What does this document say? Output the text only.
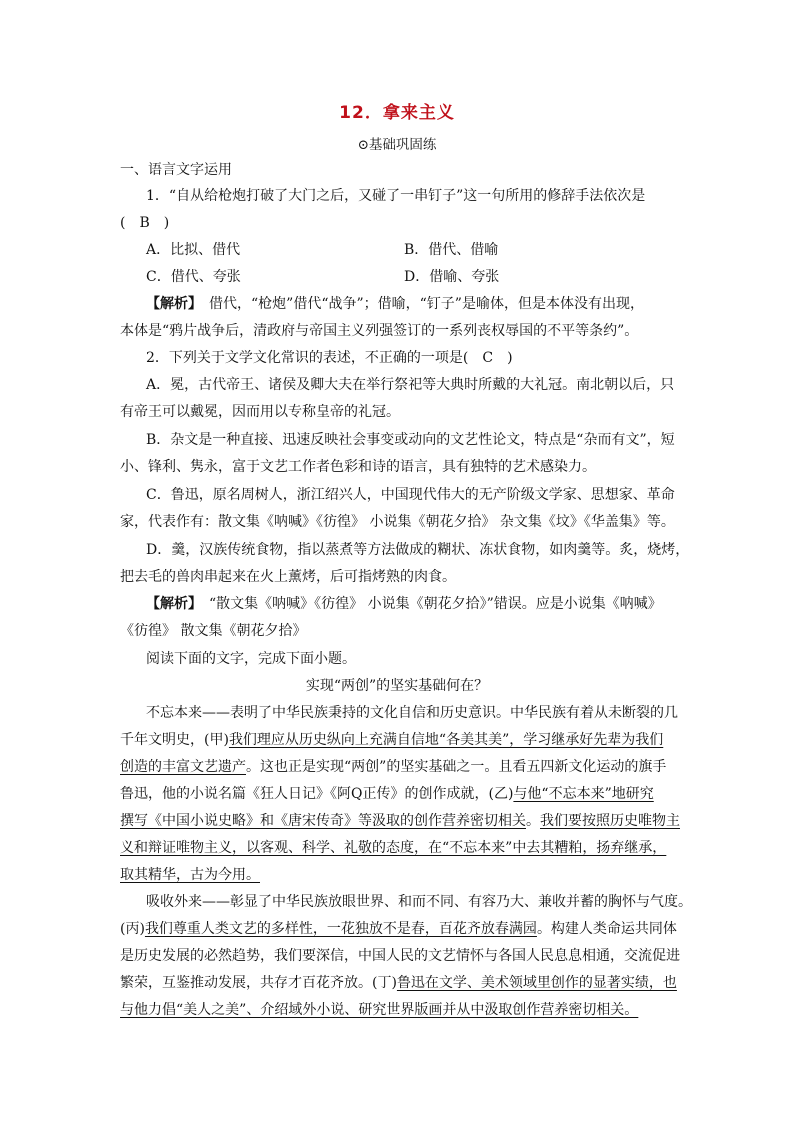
12．拿来主义
⊙基础巩固练
一、语言文字运用
1．“自从给枪炮打破了大门之后，又碰了一串钉子”这一句所用的修辞手法依次是
(　B　)
A．比拟、借代	B．借代、借喻
C．借代、夸张	D．借喻、夸张
【解析】　借代，“枪炮”借代“战争”；借喻，“钉子”是喻体，但是本体没有出现，
本体是“鸦片战争后，清政府与帝国主义列强签订的一系列丧权辱国的不平等条约”。
2．下列关于文学文化常识的表述，不正确的一项是(　C　)
A．冕，古代帝王、诸侯及卿大夫在举行祭祀等大典时所戴的大礼冠。南北朝以后，只
有帝王可以戴冕，因而用以专称皇帝的礼冠。
B．杂文是一种直接、迅速反映社会事变或动向的文艺性论文，特点是“杂而有文”，短
小、锋利、隽永，富于文艺工作者色彩和诗的语言，具有独特的艺术感染力。
C．鲁迅，原名周树人，浙江绍兴人，中国现代伟大的无产阶级文学家、思想家、革命
家，代表作有：散文集《呐喊》《彷徨》 小说集《朝花夕拾》 杂文集《坟》《华盖集》等。
D．羹，汉族传统食物，指以蒸煮等方法做成的糊状、冻状食物，如肉羹等。炙，烧烤，
把去毛的兽肉串起来在火上薰烤，后可指烤熟的肉食。
【解析】　“散文集《呐喊》《彷徨》 小说集《朝花夕拾》”错误。应是小说集《呐喊》
《彷徨》 散文集《朝花夕拾》
阅读下面的文字，完成下面小题。
实现“两创”的坚实基础何在？
不忘本来——表明了中华民族秉持的文化自信和历史意识。中华民族有着从未断裂的几
千年文明史，(甲)我们理应从历史纵向上充满自信地“各美其美”，学习继承好先辈为我们
创造的丰富文艺遗产。这也正是实现“两创”的坚实基础之一。且看五四新文化运动的旗手
鲁迅，他的小说名篇《狂人日记》《阿Q正传》的创作成就，(乙)与他“不忘本来”地研究
撰写《中国小说史略》和《唐宋传奇》等汲取的创作营养密切相关。我们要按照历史唯物主
义和辩证唯物主义，以客观、科学、礼敬的态度，在“不忘本来”中去其糟粕，扬弃继承，
取其精华，古为今用。
吸收外来——彰显了中华民族放眼世界、和而不同、有容乃大、兼收并蓄的胸怀与气度。
(丙)我们尊重人类文艺的多样性，一花独放不是春，百花齐放春满园。构建人类命运共同体
是历史发展的必然趋势，我们要深信，中国人民的文艺情怀与各国人民息息相通，交流促进
繁荣，互鉴推动发展，共存才百花齐放。(丁)鲁迅在文学、美术领域里创作的显著实绩，也
与他力倡“美人之美”、介绍域外小说、研究世界版画并从中汲取创作营养密切相关。
